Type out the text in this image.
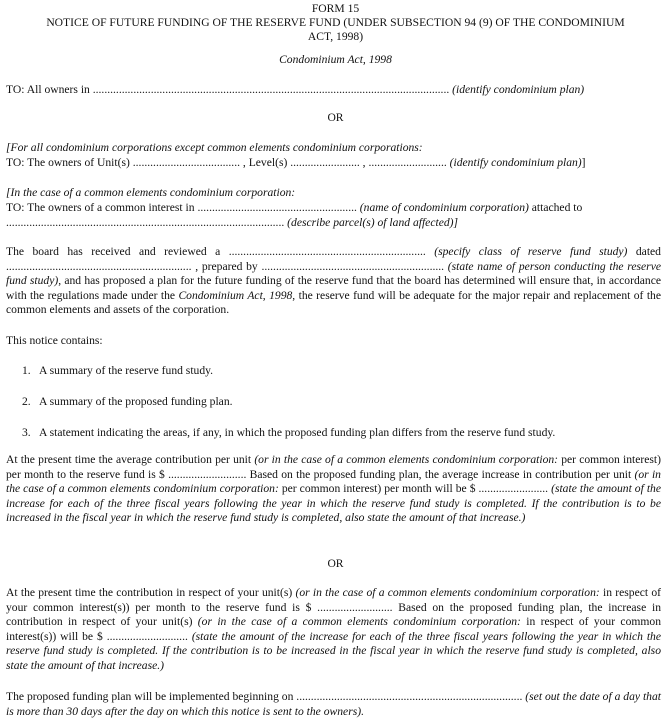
FORM 15
NOTICE OF FUTURE FUNDING OF THE RESERVE FUND (UNDER SUBSECTION 94 (9) OF THE CONDOMINIUM
ACT, 1998)
Condominium Act, 1998
TO: All owners in ........................................................................................................................... (identify condominium plan)
OR
[For all condominium corporations except common elements condominium corporations:
TO: The owners of Unit(s) ..................................... , Level(s) ........................ , ........................... (identify condominium plan)]
[In the case of a common elements condominium corporation:
TO: The owners of a common interest in ....................................................... (name of condominium corporation) attached to
................................................................................................ (describe parcel(s) of land affected)]
The board has received and reviewed a .................................................................... (specify class of reserve fund study) dated ................................................................ , prepared by ............................................................... (state name of person conducting the reserve fund study), and has proposed a plan for the future funding of the reserve fund that the board has determined will ensure that, in accordance with the regulations made under the Condominium Act, 1998, the reserve fund will be adequate for the major repair and replacement of the common elements and assets of the corporation.
This notice contains:
1. A summary of the reserve fund study.
2. A summary of the proposed funding plan.
3. A statement indicating the areas, if any, in which the proposed funding plan differs from the reserve fund study.
At the present time the average contribution per unit (or in the case of a common elements condominium corporation: per common interest) per month to the reserve fund is $ ........................... Based on the proposed funding plan, the average increase in contribution per unit (or in the case of a common elements condominium corporation: per common interest) per month will be $ ........................ (state the amount of the increase for each of the three fiscal years following the year in which the reserve fund study is completed. If the contribution is to be increased in the fiscal year in which the reserve fund study is completed, also state the amount of that increase.)
OR
At the present time the contribution in respect of your unit(s) (or in the case of a common elements condominium corporation: in respect of your common interest(s)) per month to the reserve fund is $ .......................... Based on the proposed funding plan, the increase in contribution in respect of your unit(s) (or in the case of a common elements condominium corporation: in respect of your common interest(s)) will be $ ............................ (state the amount of the increase for each of the three fiscal years following the year in which the reserve fund study is completed. If the contribution is to be increased in the fiscal year in which the reserve fund study is completed, also state the amount of that increase.)
The proposed funding plan will be implemented beginning on .............................................................................. (set out the date of a day that is more than 30 days after the day on which this notice is sent to the owners).
